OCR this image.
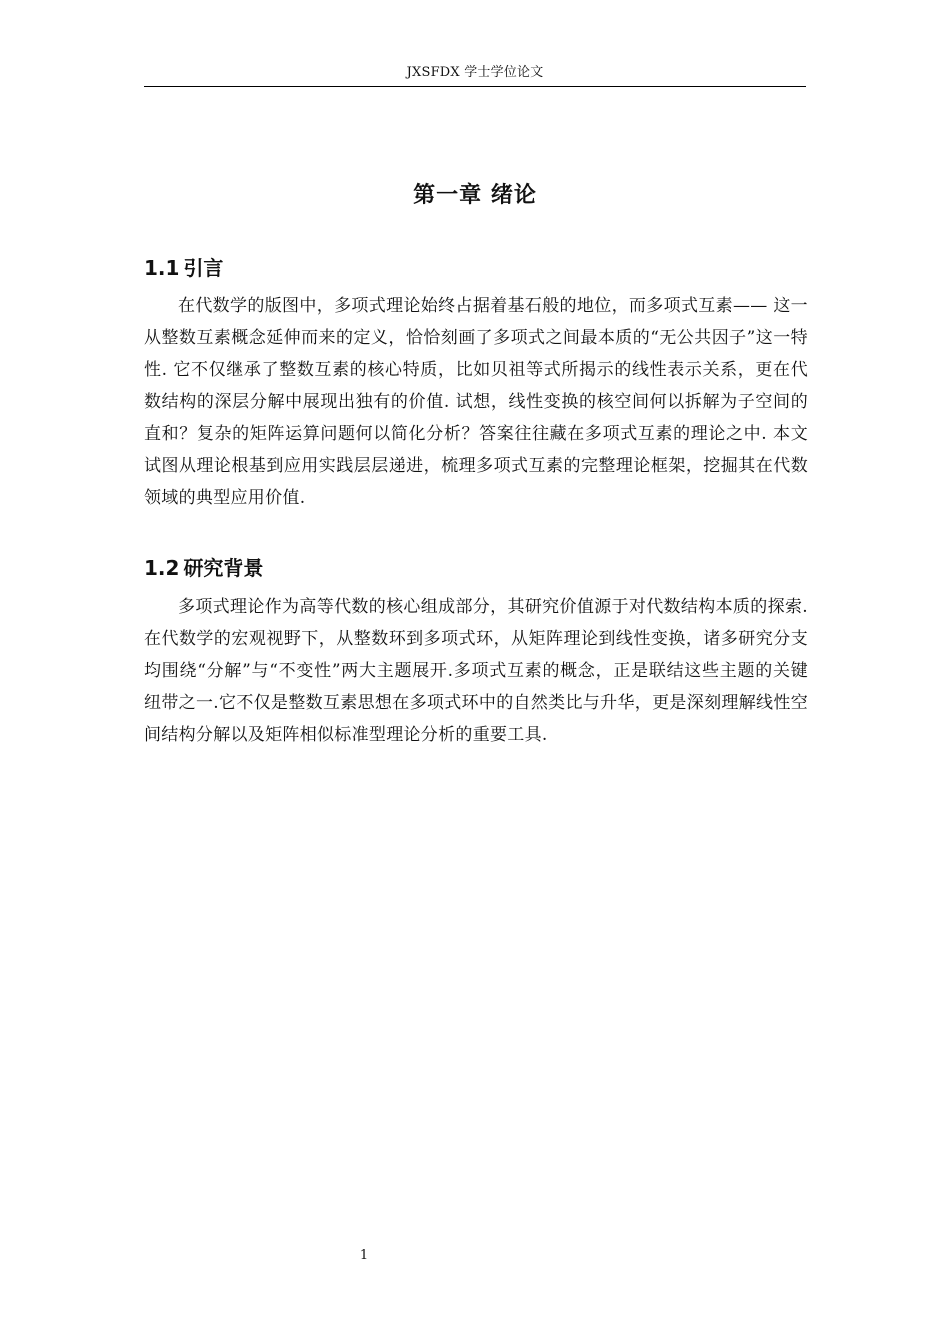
JXSFDX 学士学位论文
第一章 绪论
1.1 引言

在代数学的版图中，多项式理论始终占据着基石般的地位，而多项式互素—— 这一从整数互素概念延伸而来的定义，恰恰刻画了多项式之间最本质的“无公共因子”这一特性. 它不仅继承了整数互素的核心特质，比如贝祖等式所揭示的线性表示关系，更在代数结构的深层分解中展现出独有的价值. 试想，线性变换的核空间何以拆解为子空间的直和？复杂的矩阵运算问题何以简化分析？答案往往藏在多项式互素的理论之中. 本文试图从理论根基到应用实践层层递进，梳理多项式互素的完整理论框架，挖掘其在代数领域的典型应用价值.

1.2 研究背景

多项式理论作为高等代数的核心组成部分，其研究价值源于对代数结构本质的探索.在代数学的宏观视野下，从整数环到多项式环，从矩阵理论到线性变换，诸多研究分支均围绕“分解”与“不变性”两大主题展开.多项式互素的概念，正是联结这些主题的关键纽带之一.它不仅是整数互素思想在多项式环中的自然类比与升华，更是深刻理解线性空间结构分解以及矩阵相似标准型理论分析的重要工具.

1
